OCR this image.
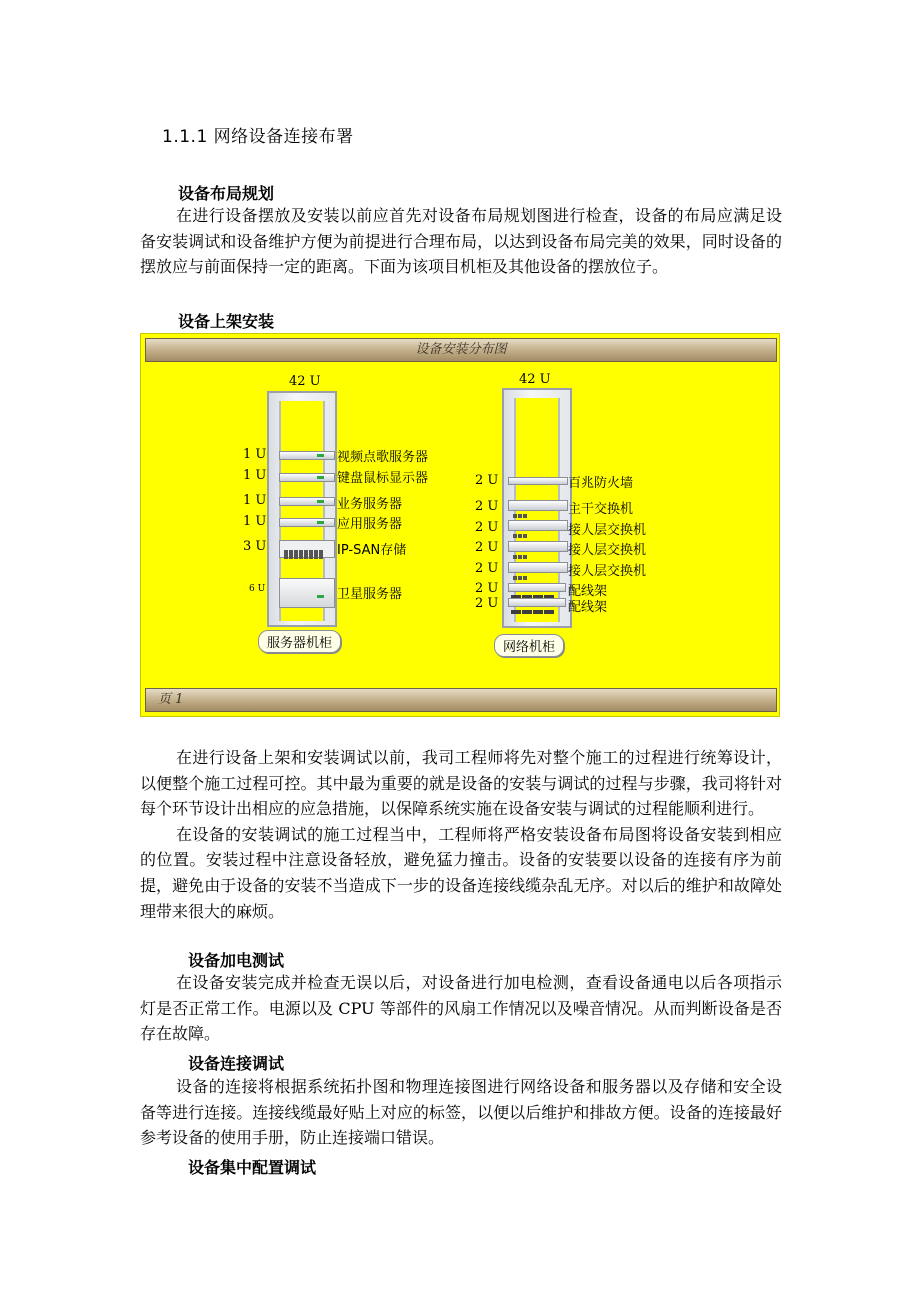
1.1.1 网络设备连接布署
设备布局规划

在进行设备摆放及安装以前应首先对设备布局规划图进行检查，设备的布局应满足设备安装调试和设备维护方便为前提进行合理布局，以达到设备布局完美的效果，同时设备的摆放应与前面保持一定的距离。下面为该项目机柜及其他设备的摆放位子。

设备上架安装
设备安装分布图
42 U
1 U
1 U
1 U
1 U
3 U
6 U
视频点歌服务器
键盘鼠标显示器
业务服务器
应用服务器
IP-SAN存储
卫星服务器
服务器机柜
42 U
2 U
2 U
2 U
2 U
2 U
2 U
2 U
百兆防火墙
主干交换机
接人层交换机
接人层交换机
接人层交换机
配线架
配线架
网络机柜
页 1

在进行设备上架和安装调试以前，我司工程师将先对整个施工的过程进行统筹设计，以便整个施工过程可控。其中最为重要的就是设备的安装与调试的过程与步骤，我司将针对每个环节设计出相应的应急措施，以保障系统实施在设备安装与调试的过程能顺利进行。

在设备的安装调试的施工过程当中，工程师将严格安装设备布局图将设备安装到相应的位置。安装过程中注意设备轻放，避免猛力撞击。设备的安装要以设备的连接有序为前提，避免由于设备的安装不当造成下一步的设备连接线缆杂乱无序。对以后的维护和故障处理带来很大的麻烦。

设备加电测试

在设备安装完成并检查无误以后，对设备进行加电检测，查看设备通电以后各项指示灯是否正常工作。电源以及 CPU 等部件的风扇工作情况以及噪音情况。从而判断设备是否存在故障。

设备连接调试

设备的连接将根据系统拓扑图和物理连接图进行网络设备和服务器以及存储和安全设备等进行连接。连接线缆最好贴上对应的标签，以便以后维护和排故方便。设备的连接最好参考设备的使用手册，防止连接端口错误。

设备集中配置调试
